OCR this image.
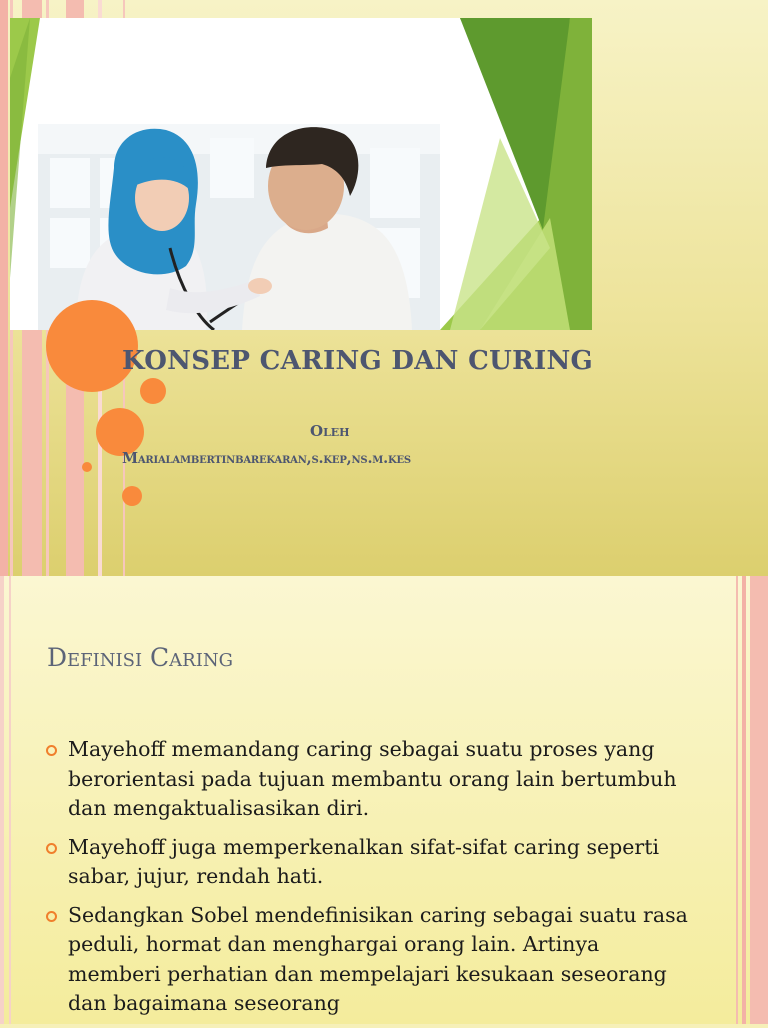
KONSEP CARING DAN CURING
Oleh
Marialambertinbarekaran,s.kep,ns.m.kes
Definisi Caring
Mayehoff memandang caring sebagai suatu proses yang berorientasi pada tujuan membantu orang lain bertumbuh dan mengaktualisasikan diri.
Mayehoff juga memperkenalkan sifat-sifat caring seperti sabar, jujur, rendah hati.
Sedangkan Sobel mendefinisikan caring sebagai suatu rasa peduli, hormat dan menghargai orang lain. Artinya memberi perhatian dan mempelajari kesukaan seseorang dan bagaimana seseorang
